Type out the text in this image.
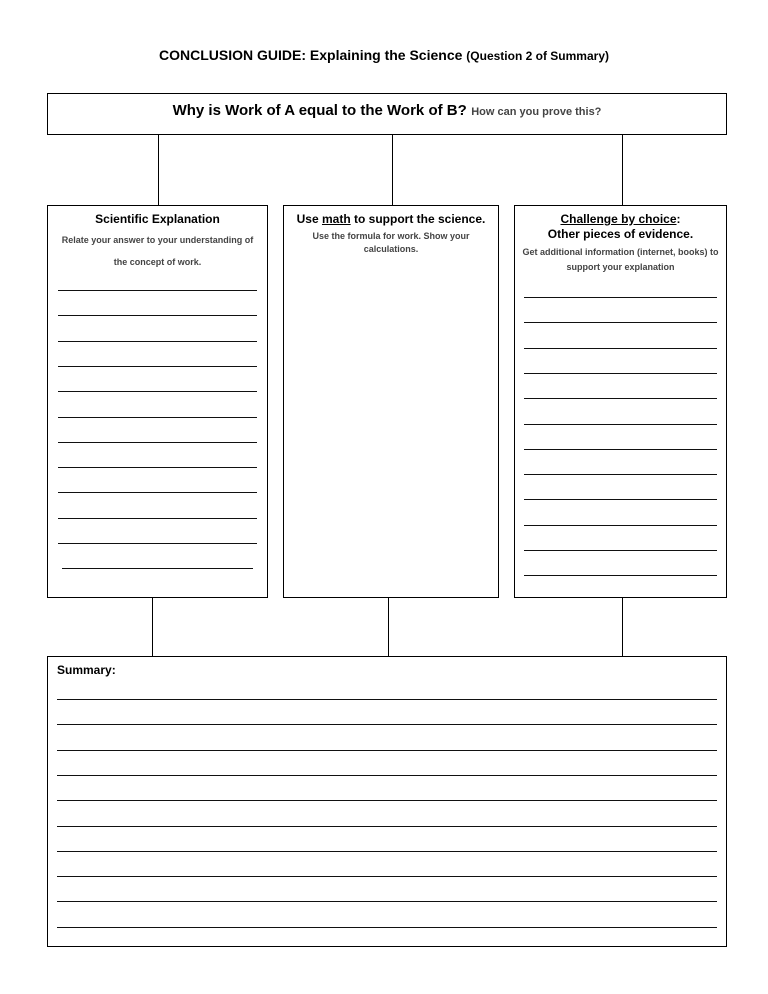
CONCLUSION GUIDE: Explaining the Science (Question 2 of Summary)
Why is Work of A equal to the Work of B? How can you prove this?
Scientific Explanation
Relate your answer to your understanding of the concept of work.
Use math to support the science.
Use the formula for work. Show your calculations.
Challenge by choice:
Other pieces of evidence.
Get additional information (internet, books) to support your explanation
Summary:
